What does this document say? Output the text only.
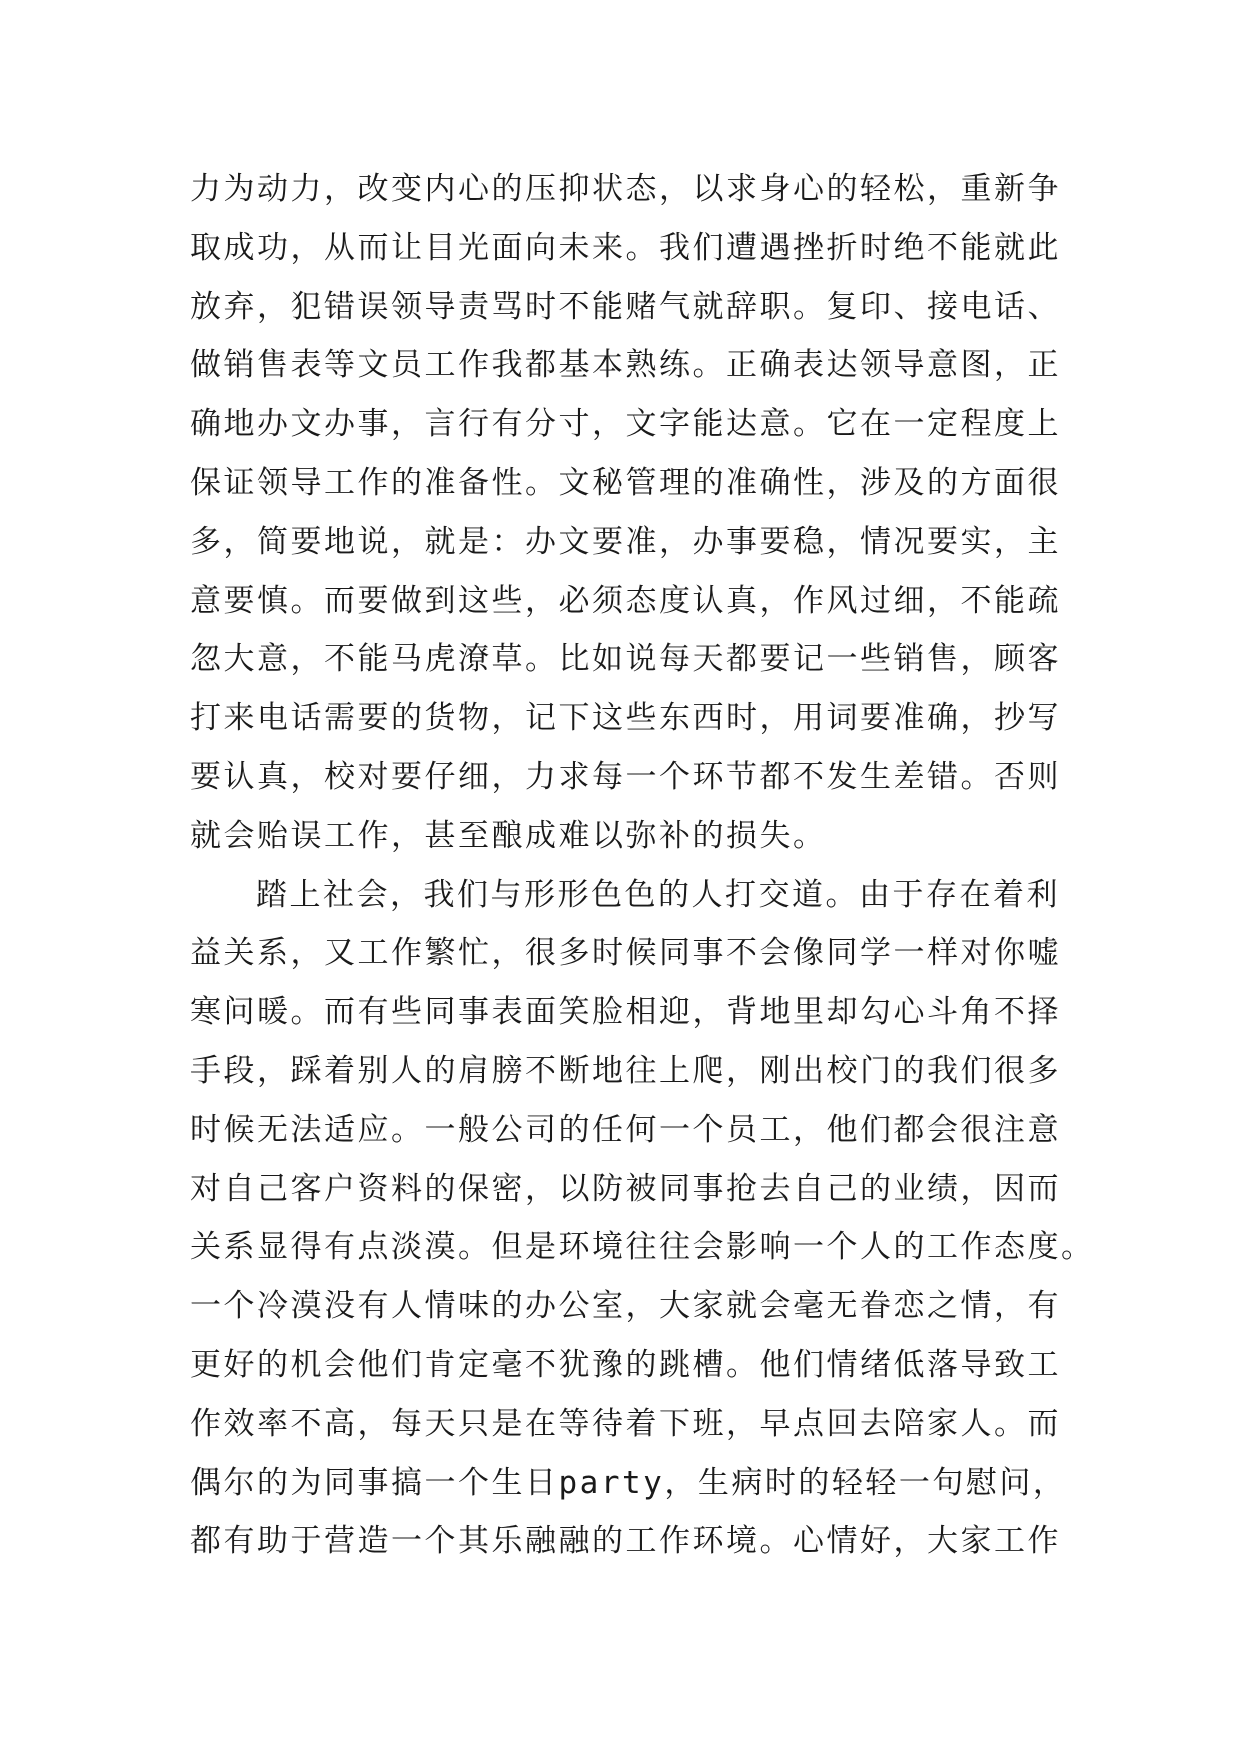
力为动力，改变内心的压抑状态，以求身心的轻松，重新争
取成功，从而让目光面向未来。我们遭遇挫折时绝不能就此
放弃，犯错误领导责骂时不能赌气就辞职。复印、接电话、
做销售表等文员工作我都基本熟练。正确表达领导意图，正
确地办文办事，言行有分寸，文字能达意。它在一定程度上
保证领导工作的准备性。文秘管理的准确性，涉及的方面很
多，简要地说，就是：办文要准，办事要稳，情况要实，主
意要慎。而要做到这些，必须态度认真，作风过细，不能疏
忽大意，不能马虎潦草。比如说每天都要记一些销售，顾客
打来电话需要的货物，记下这些东西时，用词要准确，抄写
要认真，校对要仔细，力求每一个环节都不发生差错。否则
就会贻误工作，甚至酿成难以弥补的损失。
踏上社会，我们与形形色色的人打交道。由于存在着利
益关系，又工作繁忙，很多时候同事不会像同学一样对你嘘
寒问暖。而有些同事表面笑脸相迎，背地里却勾心斗角不择
手段，踩着别人的肩膀不断地往上爬，刚出校门的我们很多
时候无法适应。一般公司的任何一个员工，他们都会很注意
对自己客户资料的保密，以防被同事抢去自己的业绩，因而
关系显得有点淡漠。但是环境往往会影响一个人的工作态度。
一个冷漠没有人情味的办公室，大家就会毫无眷恋之情，有
更好的机会他们肯定毫不犹豫的跳槽。他们情绪低落导致工
作效率不高，每天只是在等待着下班，早点回去陪家人。而
偶尔的为同事搞一个生日party，生病时的轻轻一句慰问，
都有助于营造一个其乐融融的工作环境。心情好，大家工作
